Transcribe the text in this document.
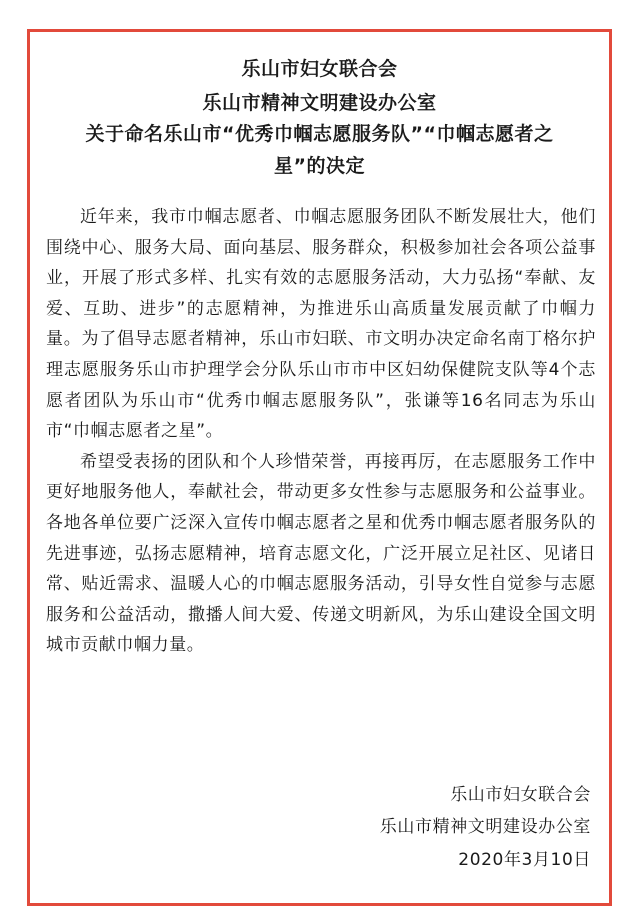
乐山市妇女联合会
乐山市精神文明建设办公室
关于命名乐山市“优秀巾帼志愿服务队”“巾帼志愿者之星”的决定

近年来，我市巾帼志愿者、巾帼志愿服务团队不断发展壮大，他们围绕中心、服务大局、面向基层、服务群众，积极参加社会各项公益事业，开展了形式多样、扎实有效的志愿服务活动，大力弘扬“奉献、友爱、互助、进步”的志愿精神，为推进乐山高质量发展贡献了巾帼力量。为了倡导志愿者精神，乐山市妇联、市文明办决定命名南丁格尔护理志愿服务乐山市护理学会分队乐山市市中区妇幼保健院支队等4个志愿者团队为乐山市“优秀巾帼志愿服务队”，张谦等16名同志为乐山市“巾帼志愿者之星”。

希望受表扬的团队和个人珍惜荣誉，再接再厉，在志愿服务工作中更好地服务他人，奉献社会，带动更多女性参与志愿服务和公益事业。各地各单位要广泛深入宣传巾帼志愿者之星和优秀巾帼志愿者服务队的先进事迹，弘扬志愿精神，培育志愿文化，广泛开展立足社区、见诸日常、贴近需求、温暖人心的巾帼志愿服务活动，引导女性自觉参与志愿服务和公益活动，撒播人间大爱、传递文明新风，为乐山建设全国文明城市贡献巾帼力量。

乐山市妇女联合会
乐山市精神文明建设办公室
2020年3月10日
